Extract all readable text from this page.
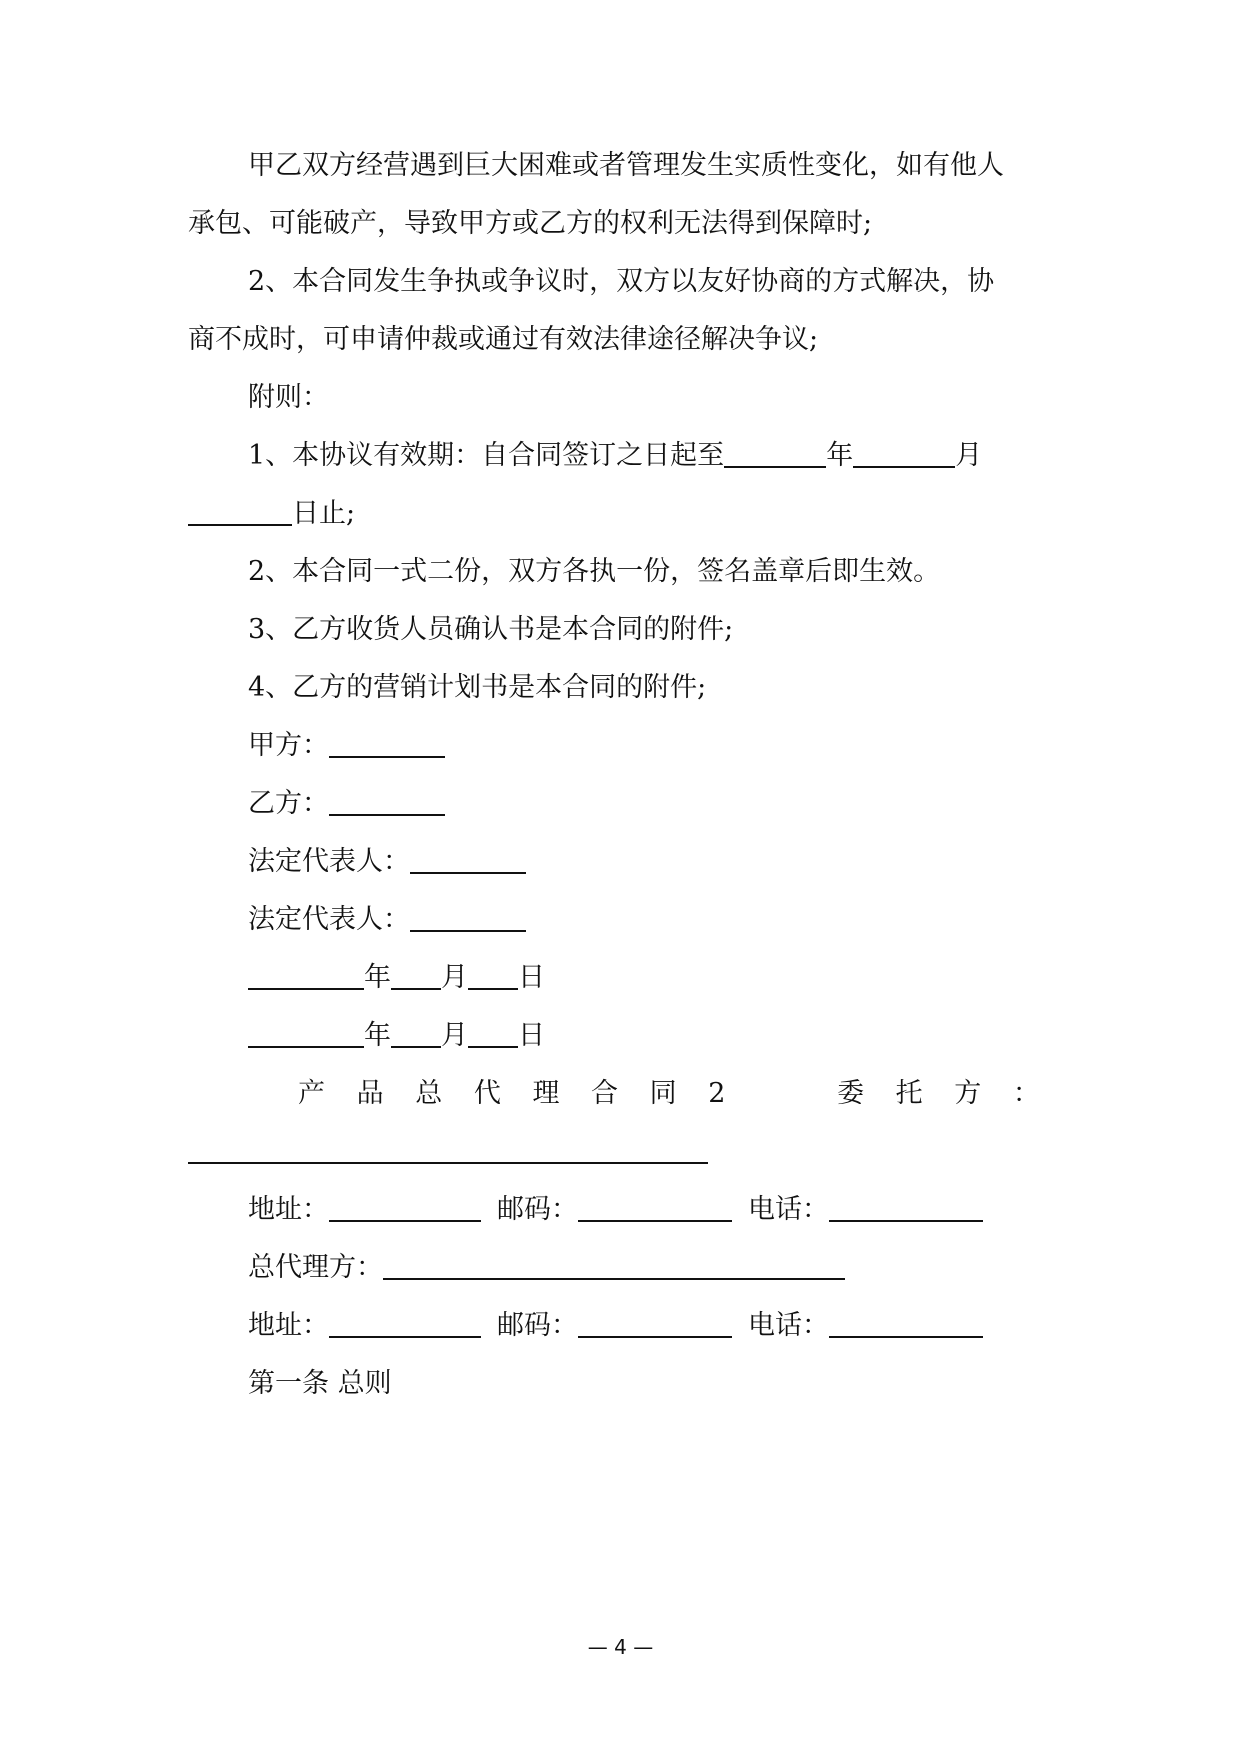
甲乙双方经营遇到巨大困难或者管理发生实质性变化，如有他人
承包、可能破产，导致甲方或乙方的权利无法得到保障时;
2、本合同发生争执或争议时，双方以友好协商的方式解决，协
商不成时，可申请仲裁或通过有效法律途径解决争议;
附则：
1、本协议有效期：自合同签订之日起至	年	月
日止;
2、本合同一式二份，双方各执一份，签名盖章后即生效。
3、乙方收货人员确认书是本合同的附件;
4、乙方的营销计划书是本合同的附件;
甲方：
乙方：
法定代表人：
法定代表人：
年 月 日
年 月 日
产 品 总 代 理 合 同 2	委 托 方 ：
地址：	邮码：	电话：
总代理方：
地址：	邮码：	电话：
第一条 总则
— 4 —
